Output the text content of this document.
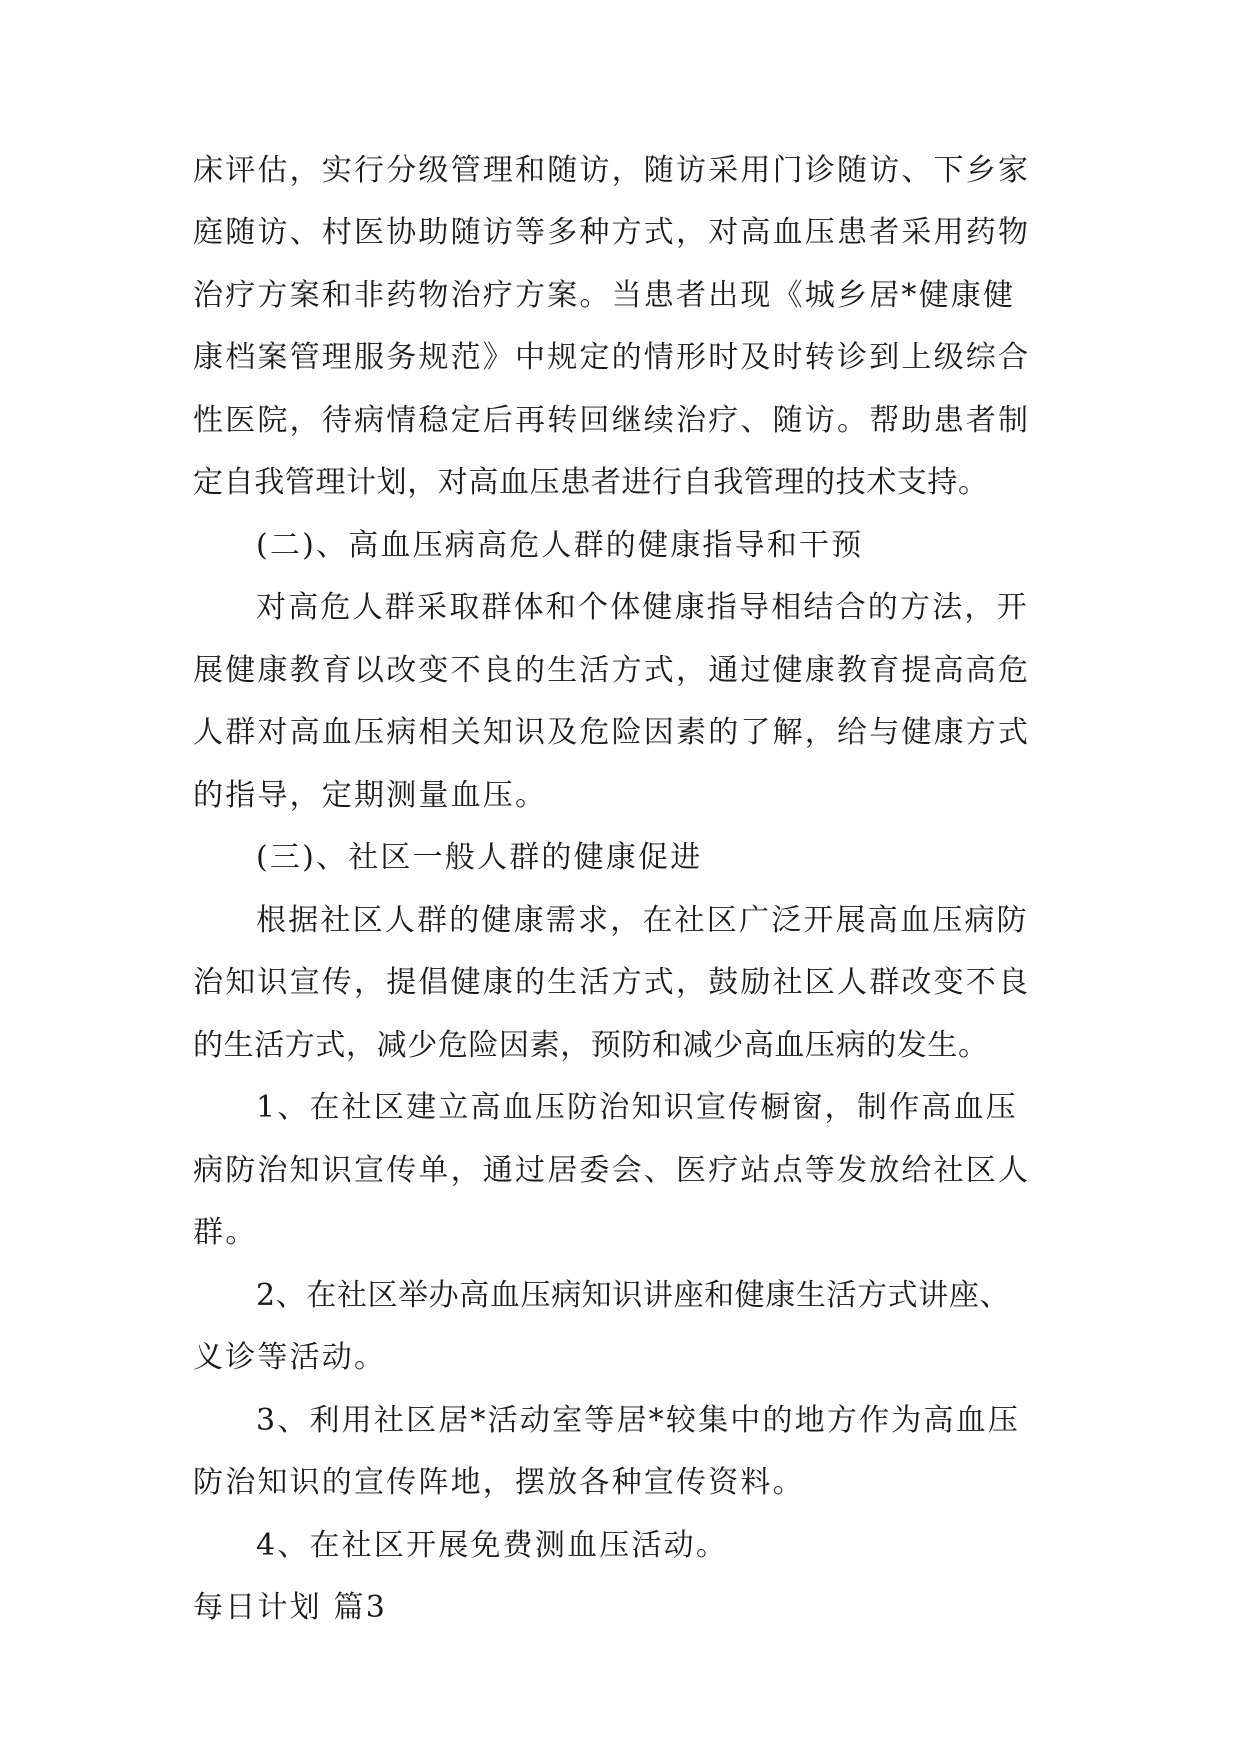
床评估，实行分级管理和随访，随访采用门诊随访、下乡家
庭随访、村医协助随访等多种方式，对高血压患者采用药物
治疗方案和非药物治疗方案。当患者出现《城乡居*健康健
康档案管理服务规范》中规定的情形时及时转诊到上级综合
性医院，待病情稳定后再转回继续治疗、随访。帮助患者制
定自我管理计划，对高血压患者进行自我管理的技术支持。
(二)、高血压病高危人群的健康指导和干预
对高危人群采取群体和个体健康指导相结合的方法，开
展健康教育以改变不良的生活方式，通过健康教育提高高危
人群对高血压病相关知识及危险因素的了解，给与健康方式
的指导，定期测量血压。
(三)、社区一般人群的健康促进
根据社区人群的健康需求，在社区广泛开展高血压病防
治知识宣传，提倡健康的生活方式，鼓励社区人群改变不良
的生活方式，减少危险因素，预防和减少高血压病的发生。
1、在社区建立高血压防治知识宣传橱窗，制作高血压
病防治知识宣传单，通过居委会、医疗站点等发放给社区人
群。
2、在社区举办高血压病知识讲座和健康生活方式讲座、
义诊等活动。
3、利用社区居*活动室等居*较集中的地方作为高血压
防治知识的宣传阵地，摆放各种宣传资料。
4、在社区开展免费测血压活动。
每日计划 篇3
